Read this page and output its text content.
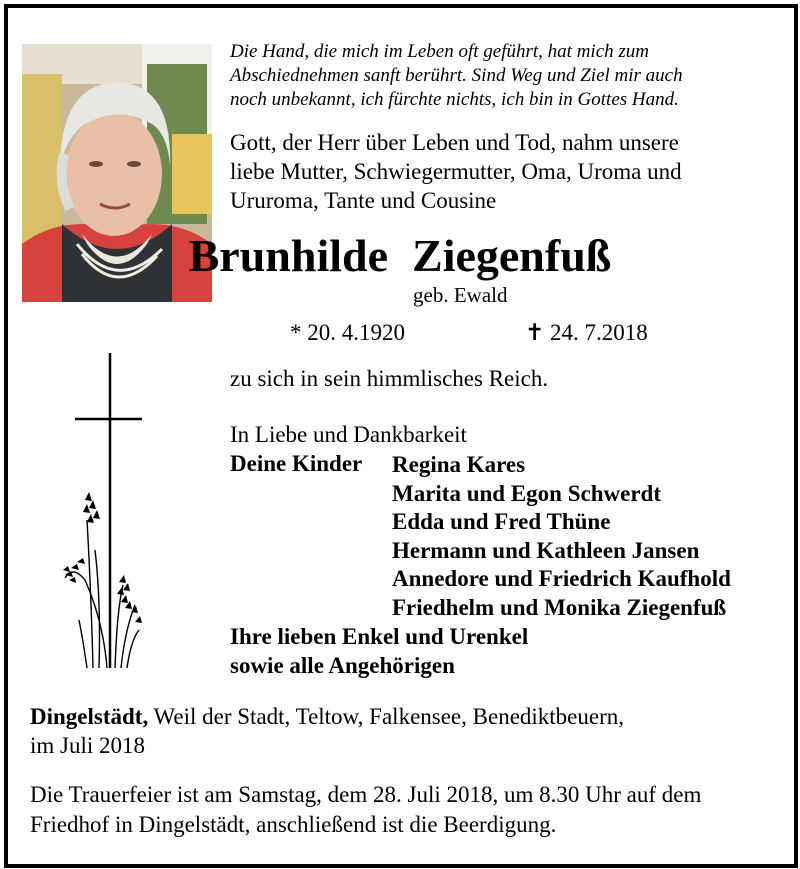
Die Hand, die mich im Leben oft geführt, hat mich zum
Abschiednehmen sanft berührt. Sind Weg und Ziel mir auch
noch unbekannt, ich fürchte nichts, ich bin in Gottes Hand.
Gott, der Herr über Leben und Tod, nahm unsere
liebe Mutter, Schwiegermutter, Oma, Uroma und
Ururoma, Tante und Cousine
Brunhilde Ziegenfuß
geb. Ewald
* 20. 4.1920	✝ 24. 7.2018
zu sich in sein himmlisches Reich.
In Liebe und Dankbarkeit
Deine Kinder Regina Kares
Marita und Egon Schwerdt
Edda und Fred Thüne
Hermann und Kathleen Jansen
Annedore und Friedrich Kaufhold
Friedhelm und Monika Ziegenfuß
Ihre lieben Enkel und Urenkel
sowie alle Angehörigen
Dingelstädt, Weil der Stadt, Teltow, Falkensee, Benediktbeuern,
im Juli 2018
Die Trauerfeier ist am Samstag, dem 28. Juli 2018, um 8.30 Uhr auf dem
Friedhof in Dingelstädt, anschließend ist die Beerdigung.
